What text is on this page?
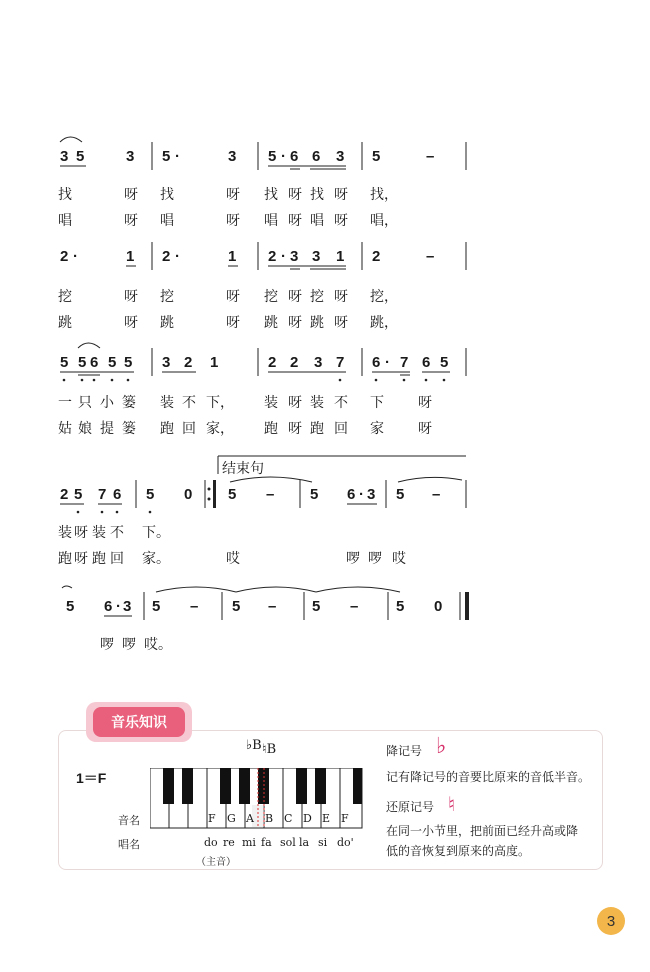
3 5	3 5 ·	3 5 · 6 6 3 5	–
找	呀 找	呀 找 呀 找 呀 找，
唱	呀 唱	呀 唱 呀 唱 呀 唱，
2 ·	1 2 ·	1 2 · 3 3 1 2	–
挖	呀 挖	呀 挖 呀 挖 呀 挖，
跳	呀 跳	呀 跳 呀 跳 呀 跳，
5 5 6 5 5 3 2 1	2 2 3 7 6 · 7 6 5
一 只 小 篓 装 不 下， 装 呀 装 不 下 呀
姑 娘 提 篓 跑 回 家， 跑 呀 跑 回 家 呀
2 5 7 6 5 0 5 – 5 6 · 3 5 –
装 呀 装 不 下。
跑 呀 跑 回 家。	哎	啰 啰 哎
结束句
5 6 · 3 5 – 5 – 5 –	5 0
啰 啰 哎。
音乐知识
1＝F
♭B ♮B
音名
唱名
F G A B C D E F
do re mi fa sol la si do'
（主音）
降记号 ♭
记有降记号的音要比原来的音低半音。
还原记号 ♮
在同一小节里，把前面已经升高或降
低的音恢复到原来的高度。
3
